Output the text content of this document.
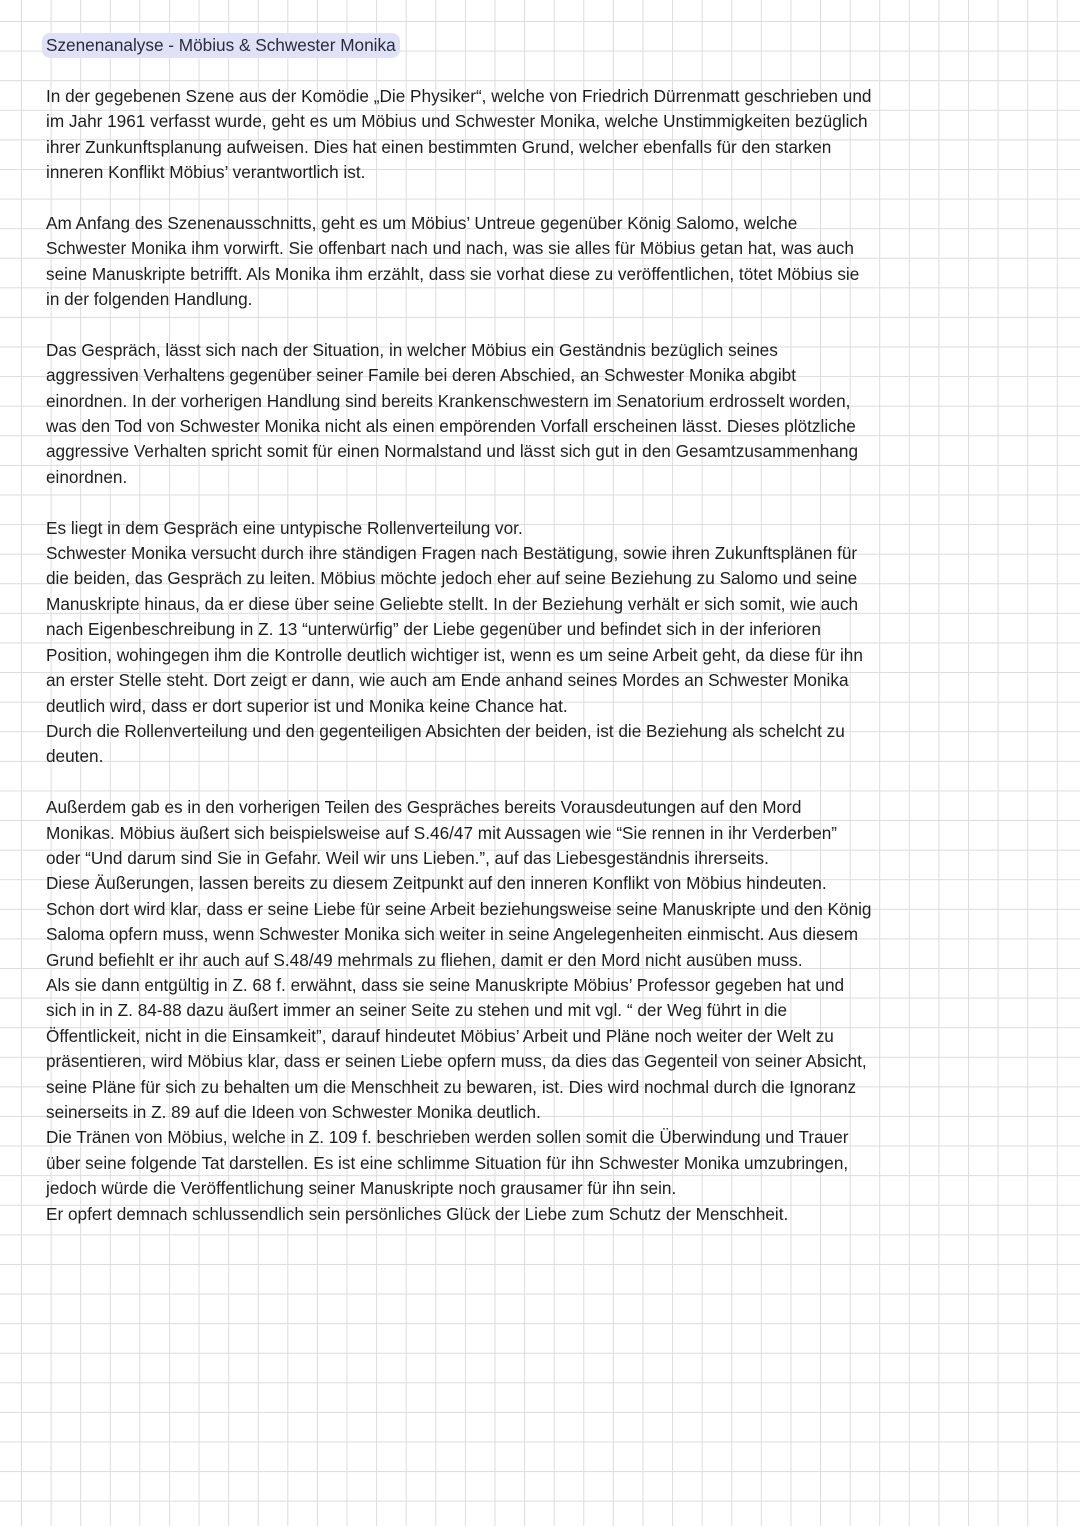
Szenenanalyse - Möbius & Schwester Monika
In der gegebenen Szene aus der Komödie „Die Physiker“, welche von Friedrich Dürrenmatt geschrieben und
im Jahr 1961 verfasst wurde, geht es um Möbius und Schwester Monika, welche Unstimmigkeiten bezüglich
ihrer Zunkunftsplanung aufweisen. Dies hat einen bestimmten Grund, welcher ebenfalls für den starken
inneren Konflikt Möbius’ verantwortlich ist.
Am Anfang des Szenenausschnitts, geht es um Möbius’ Untreue gegenüber König Salomo, welche
Schwester Monika ihm vorwirft. Sie offenbart nach und nach, was sie alles für Möbius getan hat, was auch
seine Manuskripte betrifft. Als Monika ihm erzählt, dass sie vorhat diese zu veröffentlichen, tötet Möbius sie
in der folgenden Handlung.
Das Gespräch, lässt sich nach der Situation, in welcher Möbius ein Geständnis bezüglich seines
aggressiven Verhaltens gegenüber seiner Famile bei deren Abschied, an Schwester Monika abgibt
einordnen. In der vorherigen Handlung sind bereits Krankenschwestern im Senatorium erdrosselt worden,
was den Tod von Schwester Monika nicht als einen empörenden Vorfall erscheinen lässt. Dieses plötzliche
aggressive Verhalten spricht somit für einen Normalstand und lässt sich gut in den Gesamtzusammenhang
einordnen.
Es liegt in dem Gespräch eine untypische Rollenverteilung vor.
Schwester Monika versucht durch ihre ständigen Fragen nach Bestätigung, sowie ihren Zukunftsplänen für
die beiden, das Gespräch zu leiten. Möbius möchte jedoch eher auf seine Beziehung zu Salomo und seine
Manuskripte hinaus, da er diese über seine Geliebte stellt. In der Beziehung verhält er sich somit, wie auch
nach Eigenbeschreibung in Z. 13 “unterwürfig” der Liebe gegenüber und befindet sich in der inferioren
Position, wohingegen ihm die Kontrolle deutlich wichtiger ist, wenn es um seine Arbeit geht, da diese für ihn
an erster Stelle steht. Dort zeigt er dann, wie auch am Ende anhand seines Mordes an Schwester Monika
deutlich wird, dass er dort superior ist und Monika keine Chance hat.
Durch die Rollenverteilung und den gegenteiligen Absichten der beiden, ist die Beziehung als schelcht zu
deuten.
Außerdem gab es in den vorherigen Teilen des Gespräches bereits Vorausdeutungen auf den Mord
Monikas. Möbius äußert sich beispielsweise auf S.46/47 mit Aussagen wie “Sie rennen in ihr Verderben”
oder “Und darum sind Sie in Gefahr. Weil wir uns Lieben.”, auf das Liebesgeständnis ihrerseits.
Diese Äußerungen, lassen bereits zu diesem Zeitpunkt auf den inneren Konflikt von Möbius hindeuten.
Schon dort wird klar, dass er seine Liebe für seine Arbeit beziehungsweise seine Manuskripte und den König
Saloma opfern muss, wenn Schwester Monika sich weiter in seine Angelegenheiten einmischt. Aus diesem
Grund befiehlt er ihr auch auf S.48/49 mehrmals zu fliehen, damit er den Mord nicht ausüben muss.
Als sie dann entgültig in Z. 68 f. erwähnt, dass sie seine Manuskripte Möbius’ Professor gegeben hat und
sich in in Z. 84-88 dazu äußert immer an seiner Seite zu stehen und mit vgl. “ der Weg führt in die
Öffentlickeit, nicht in die Einsamkeit”, darauf hindeutet Möbius’ Arbeit und Pläne noch weiter der Welt zu
präsentieren, wird Möbius klar, dass er seinen Liebe opfern muss, da dies das Gegenteil von seiner Absicht,
seine Pläne für sich zu behalten um die Menschheit zu bewaren, ist. Dies wird nochmal durch die Ignoranz
seinerseits in Z. 89 auf die Ideen von Schwester Monika deutlich.
Die Tränen von Möbius, welche in Z. 109 f. beschrieben werden sollen somit die Überwindung und Trauer
über seine folgende Tat darstellen. Es ist eine schlimme Situation für ihn Schwester Monika umzubringen,
jedoch würde die Veröffentlichung seiner Manuskripte noch grausamer für ihn sein.
Er opfert demnach schlussendlich sein persönliches Glück der Liebe zum Schutz der Menschheit.
